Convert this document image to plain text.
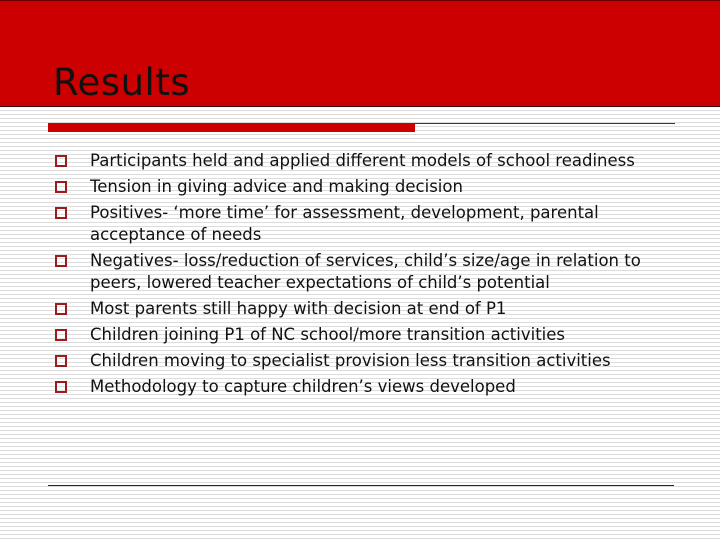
Results
Participants held and applied different models of school readiness
Tension in giving advice and making decision
Positives- ‘more time’ for assessment, development, parental acceptance of needs
Negatives- loss/reduction of services, child’s size/age in relation to peers, lowered teacher expectations of child’s potential
Most parents still happy with decision at end of P1
Children joining P1 of NC school/more transition activities
Children moving to specialist provision less transition activities
Methodology to capture children’s views developed
